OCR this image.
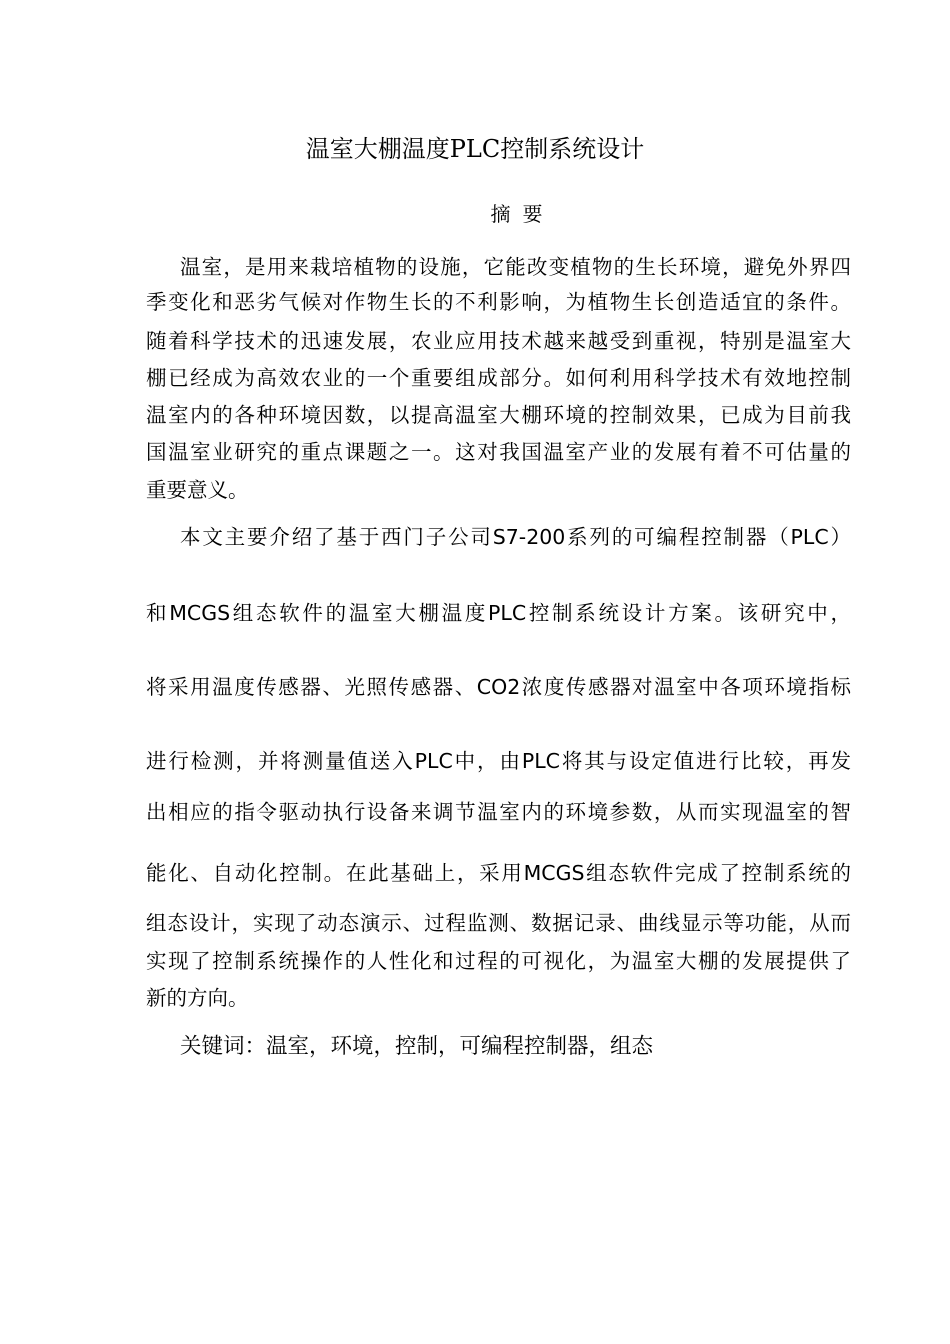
温室大棚温度PLC控制系统设计
摘要
温室，是用来栽培植物的设施，它能改变植物的生长环境，避免外界四
季变化和恶劣气候对作物生长的不利影响，为植物生长创造适宜的条件。
随着科学技术的迅速发展，农业应用技术越来越受到重视，特别是温室大
棚已经成为高效农业的一个重要组成部分。如何利用科学技术有效地控制
温室内的各种环境因数，以提高温室大棚环境的控制效果，已成为目前我
国温室业研究的重点课题之一。这对我国温室产业的发展有着不可估量的
重要意义。
本文主要介绍了基于西门子公司S7-200系列的可编程控制器（PLC）
和MCGS组态软件的温室大棚温度PLC控制系统设计方案。该研究中，
将采用温度传感器、光照传感器、CO2浓度传感器对温室中各项环境指标
进行检测，并将测量值送入PLC中，由PLC将其与设定值进行比较，再发
出相应的指令驱动执行设备来调节温室内的环境参数，从而实现温室的智
能化、自动化控制。在此基础上，采用MCGS组态软件完成了控制系统的
组态设计，实现了动态演示、过程监测、数据记录、曲线显示等功能，从而
实现了控制系统操作的人性化和过程的可视化，为温室大棚的发展提供了
新的方向。
关键词：温室，环境，控制，可编程控制器，组态
